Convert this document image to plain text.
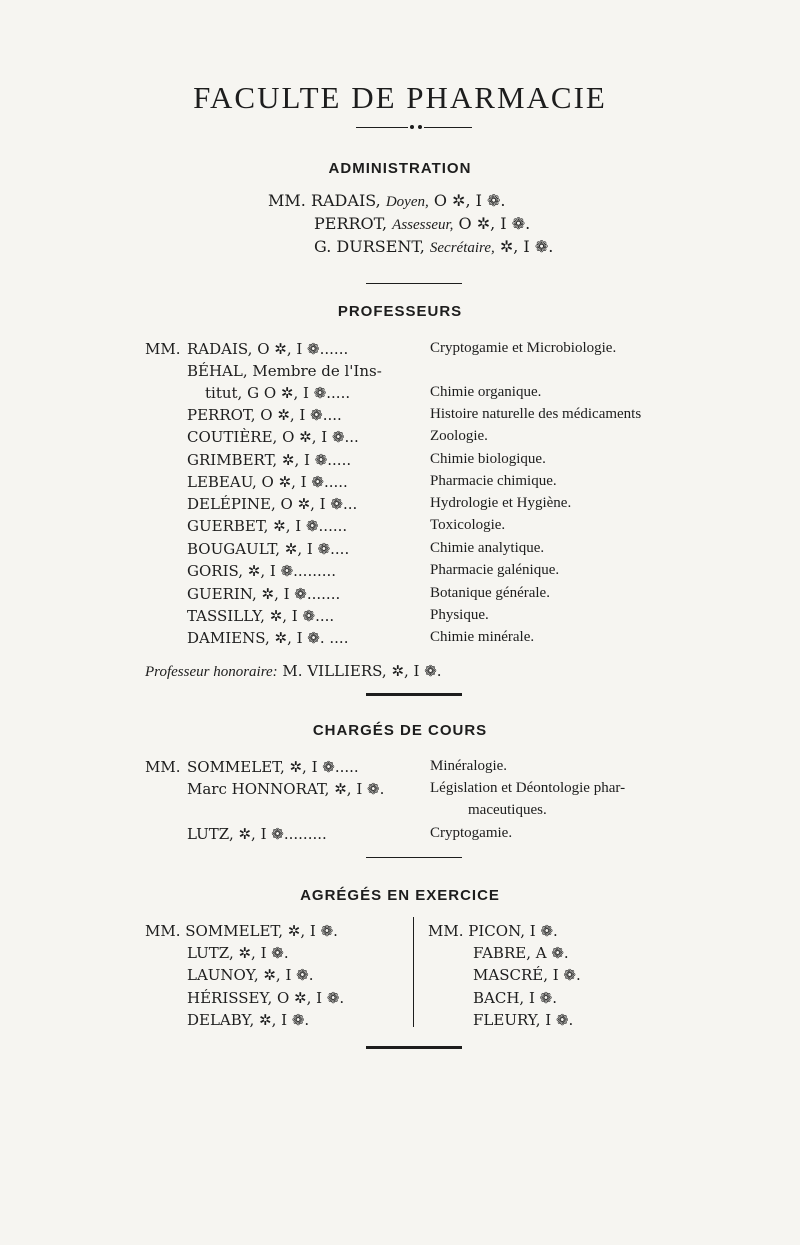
FACULTE DE PHARMACIE
ADMINISTRATION
MM. RADAIS, Doyen, O ✲, I ❁.
PERROT, Assesseur, O ✲, I ❁.
G. DURSENT, Secrétaire, ✲, I ❁.
PROFESSEURS
MM. RADAIS, O ✲, I ❁......	Cryptogamie et Microbiologie.
BÉHAL, Membre de l'Ins-
titut, G O ✲, I ❁.....	Chimie organique.
PERROT, O ✲, I ❁....	Histoire naturelle des médicaments
COUTIÈRE, O ✲, I ❁...	Zoologie.
GRIMBERT, ✲, I ❁.....	Chimie biologique.
LEBEAU, O ✲, I ❁.....	Pharmacie chimique.
DELÉPINE, O ✲, I ❁...	Hydrologie et Hygiène.
GUERBET, ✲, I ❁......	Toxicologie.
BOUGAULT, ✲, I ❁....	Chimie analytique.
GORIS, ✲, I ❁.........	Pharmacie galénique.
GUERIN, ✲, I ❁.......	Botanique générale.
TASSILLY, ✲, I ❁....	Physique.
DAMIENS, ✲, I ❁. ....	Chimie minérale.
Professeur honoraire: M. VILLIERS, ✲, I ❁.
CHARGÉS DE COURS
MM. SOMMELET, ✲, I ❁.....	Minéralogie.
Marc HONNORAT, ✲, I ❁.	Législation et Déontologie phar-
maceutiques.
LUTZ, ✲, I ❁.........	Cryptogamie.
AGRÉGÉS EN EXERCICE
MM. SOMMELET, ✲, I ❁.
LUTZ, ✲, I ❁.
LAUNOY, ✲, I ❁.
HÉRISSEY, O ✲, I ❁.
DELABY, ✲, I ❁.
MM. PICON, I ❁.
FABRE, A ❁.
MASCRÉ, I ❁.
BACH, I ❁.
FLEURY, I ❁.
